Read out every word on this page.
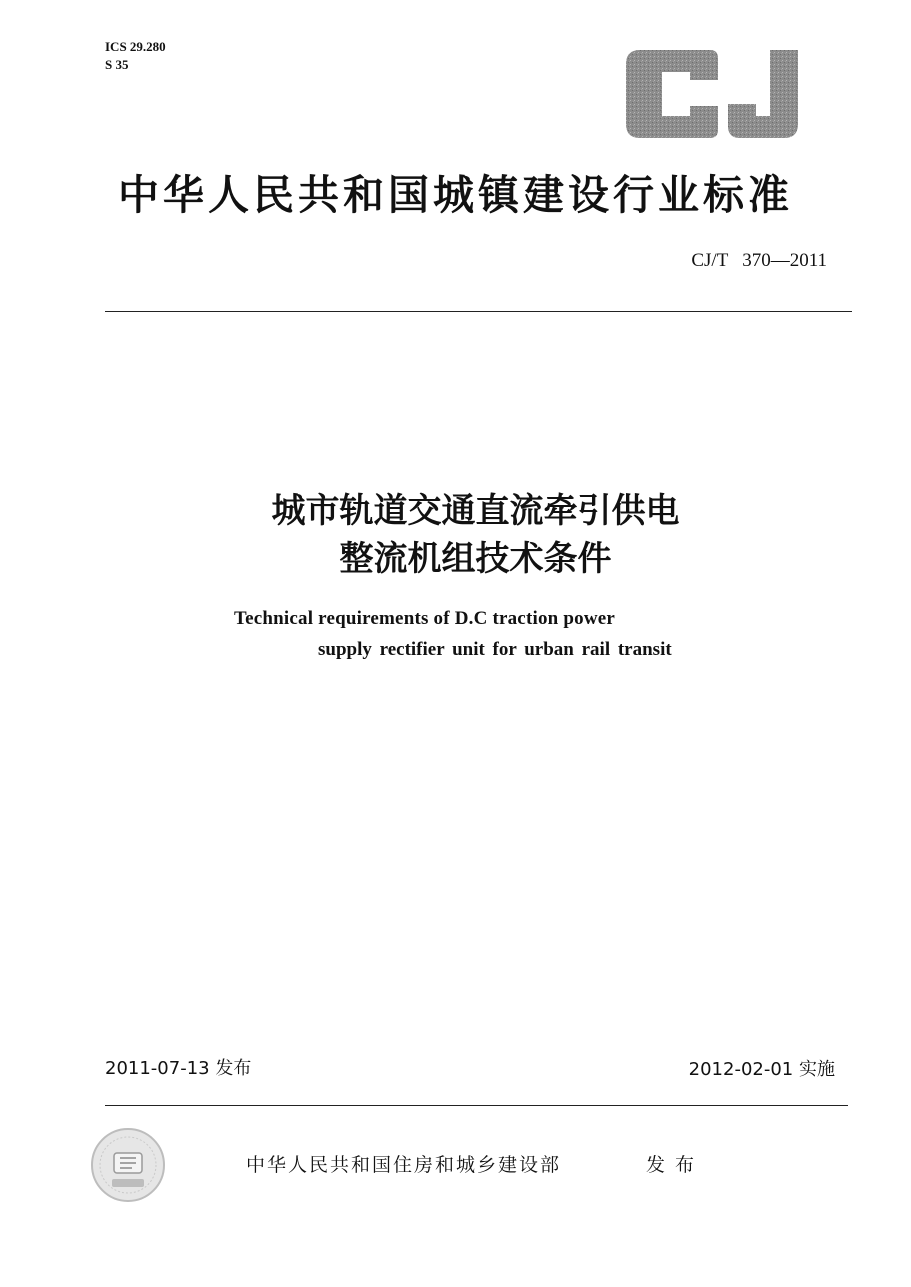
ICS 29.280
S 35
中华人民共和国城镇建设行业标准
CJ/T   370—2011
城市轨道交通直流牵引供电
整流机组技术条件
Technical requirements of D.C traction power
supply rectifier unit for urban rail transit
2011-07-13 发布	2012-02-01 实施
中华人民共和国住房和城乡建设部	发布
